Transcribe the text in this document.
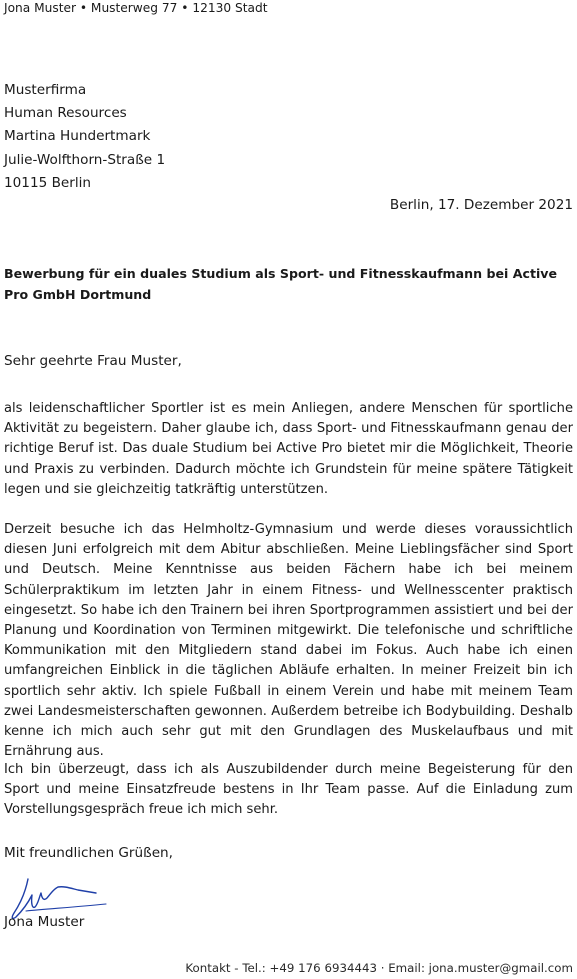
Jona Muster • Musterweg 77 • 12130 Stadt
Musterfirma
Human Resources
Martina Hundertmark
Julie-Wolfthorn-Straße 1
10115 Berlin
Berlin, 17. Dezember 2021
Bewerbung für ein duales Studium als Sport- und Fitnesskaufmann bei Active Pro GmbH Dortmund
Sehr geehrte Frau Muster,

als leidenschaftlicher Sportler ist es mein Anliegen, andere Menschen für sportliche Aktivität zu begeistern. Daher glaube ich, dass Sport- und Fitnesskaufmann genau der richtige Beruf ist. Das duale Studium bei Active Pro bietet mir die Möglichkeit, Theorie und Praxis zu verbinden. Dadurch möchte ich Grundstein für meine spätere Tätigkeit legen und sie gleichzeitig tatkräftig unterstützen.

Derzeit besuche ich das Helmholtz-Gymnasium und werde dieses voraussichtlich diesen Juni erfolgreich mit dem Abitur abschließen. Meine Lieblingsfächer sind Sport und Deutsch. Meine Kenntnisse aus beiden Fächern habe ich bei meinem Schülerpraktikum im letzten Jahr in einem Fitness- und Wellnesscenter praktisch eingesetzt. So habe ich den Trainern bei ihren Sportprogrammen assistiert und bei der Planung und Koordination von Terminen mitgewirkt. Die telefonische und schriftliche Kommunikation mit den Mitgliedern stand dabei im Fokus. Auch habe ich einen umfangreichen Einblick in die täglichen Abläufe erhalten. In meiner Freizeit bin ich sportlich sehr aktiv. Ich spiele Fußball in einem Verein und habe mit meinem Team zwei Landesmeisterschaften gewonnen. Außerdem betreibe ich Bodybuilding. Deshalb kenne ich mich auch sehr gut mit den Grundlagen des Muskelaufbaus und mit Ernährung aus.

Ich bin überzeugt, dass ich als Auszubildender durch meine Begeisterung für den Sport und meine Einsatzfreude bestens in Ihr Team passe. Auf die Einladung zum Vorstellungsgespräch freue ich mich sehr.

Mit freundlichen Grüßen,
Jona Muster
Kontakt - Tel.: +49 176 6934443 · Email: jona.muster@gmail.com
